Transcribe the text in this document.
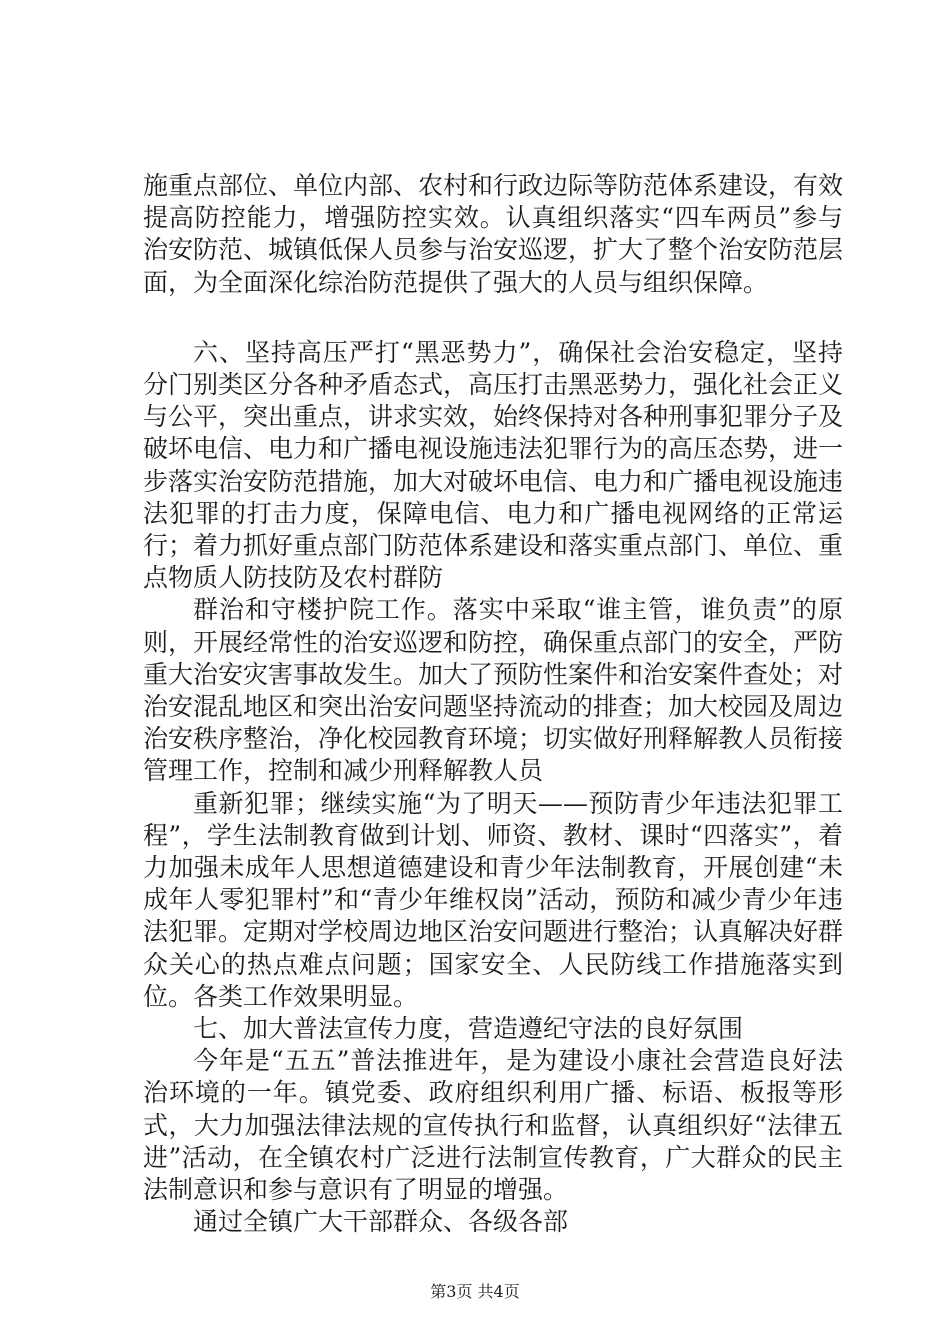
施重点部位、单位内部、农村和行政边际等防范体系建设，有效提高防控能力，增强防控实效。认真组织落实“四车两员”参与治安防范、城镇低保人员参与治安巡逻，扩大了整个治安防范层面，为全面深化综治防范提供了强大的人员与组织保障。

六、坚持高压严打“黑恶势力”，确保社会治安稳定，坚持分门别类区分各种矛盾态式，高压打击黑恶势力，强化社会正义与公平，突出重点，讲求实效，始终保持对各种刑事犯罪分子及破坏电信、电力和广播电视设施违法犯罪行为的高压态势，进一步落实治安防范措施，加大对破坏电信、电力和广播电视设施违法犯罪的打击力度，保障电信、电力和广播电视网络的正常运行；着力抓好重点部门防范体系建设和落实重点部门、单位、重点物质人防技防及农村群防

群治和守楼护院工作。落实中采取“谁主管，谁负责”的原则，开展经常性的治安巡逻和防控，确保重点部门的安全，严防重大治安灾害事故发生。加大了预防性案件和治安案件查处；对治安混乱地区和突出治安问题坚持流动的排查；加大校园及周边治安秩序整治，净化校园教育环境；切实做好刑释解教人员衔接管理工作，控制和减少刑释解教人员

重新犯罪；继续实施“为了明天——预防青少年违法犯罪工程”，学生法制教育做到计划、师资、教材、课时“四落实”，着力加强未成年人思想道德建设和青少年法制教育，开展创建“未成年人零犯罪村”和“青少年维权岗”活动，预防和减少青少年违法犯罪。定期对学校周边地区治安问题进行整治；认真解决好群众关心的热点难点问题；国家安全、人民防线工作措施落实到位。各类工作效果明显。

七、加大普法宣传力度，营造遵纪守法的良好氛围

今年是“五五”普法推进年，是为建设小康社会营造良好法治环境的一年。镇党委、政府组织利用广播、标语、板报等形式，大力加强法律法规的宣传执行和监督，认真组织好“法律五进”活动，在全镇农村广泛进行法制宣传教育，广大群众的民主法制意识和参与意识有了明显的增强。

通过全镇广大干部群众、各级各部

第3页 共4页
